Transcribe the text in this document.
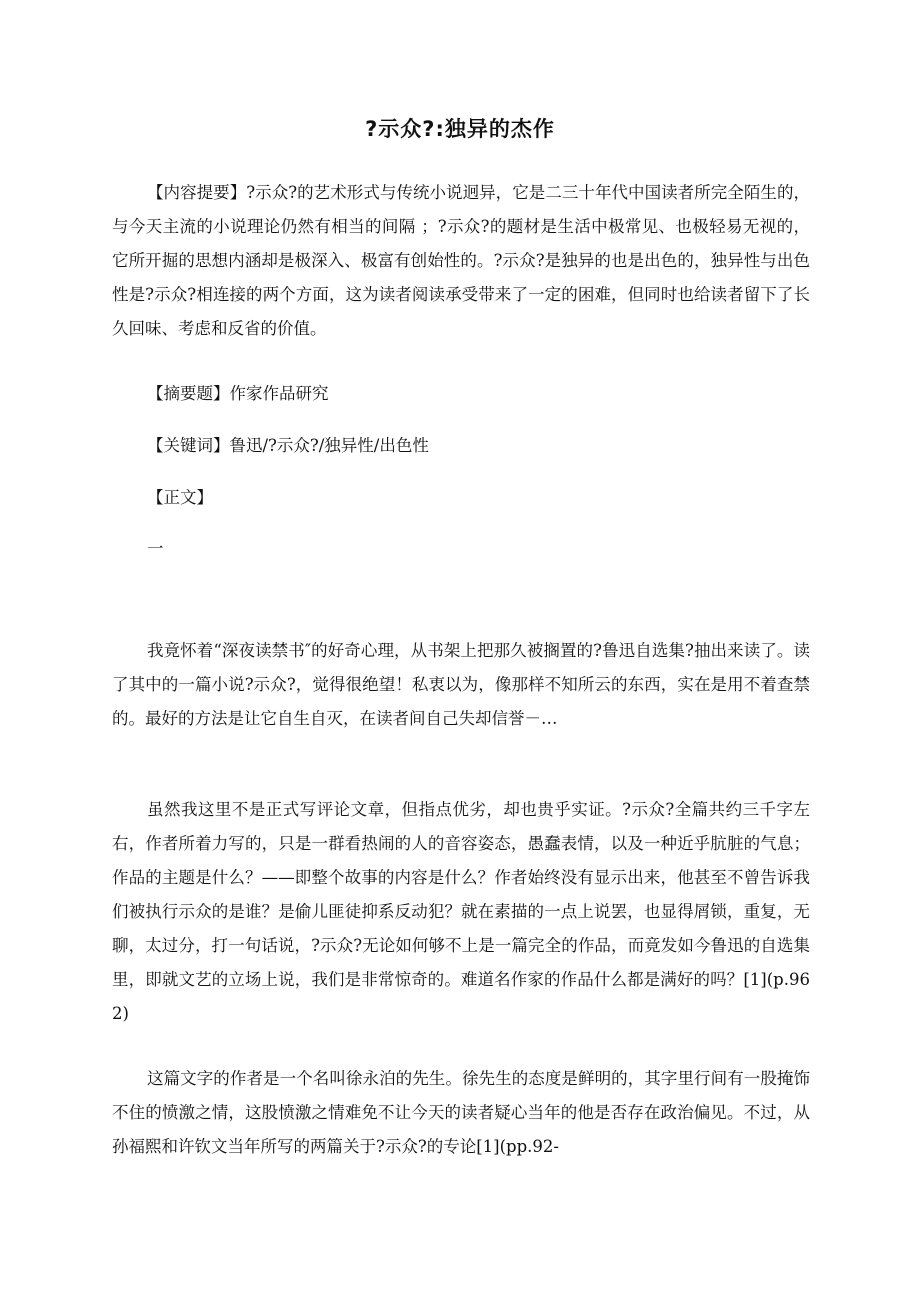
?示众?:独异的杰作

【内容提要】?示众?的艺术形式与传统小说迥异，它是二三十年代中国读者所完全陌生的，与今天主流的小说理论仍然有相当的间隔 ；?示众?的题材是生活中极常见、也极轻易无视的，它所开掘的思想内涵却是极深入、极富有创始性的。?示众?是独异的也是出色的，独异性与出色性是?示众?相连接的两个方面，这为读者阅读承受带来了一定的困难，但同时也给读者留下了长久回味、考虑和反省的价值。

【摘要题】作家作品研究

【关键词】鲁迅/?示众?/独异性/出色性

【正文】

一

我竟怀着“深夜读禁书″的好奇心理，从书架上把那久被搁置的?鲁迅自选集?抽出来读了。读了其中的一篇小说?示众?，觉得很绝望！私衷以为，像那样不知所云的东西，实在是用不着查禁的。最好的方法是让它自生自灭，在读者间自己失却信誉－…

虽然我这里不是正式写评论文章，但指点优劣，却也贵乎实证。?示众?全篇共约三千字左右，作者所着力写的，只是一群看热闹的人的音容姿态，愚蠢表情，以及一种近乎肮脏的气息；作品的主题是什么？——即整个故事的内容是什么？作者始终没有显示出来，他甚至不曾告诉我们被执行示众的是谁？是偷儿匪徒抑系反动犯？就在素描的一点上说罢，也显得屑锁，重复，无聊，太过分，打一句话说，?示众?无论如何够不上是一篇完全的作品，而竟发如今鲁迅的自选集里，即就文艺的立场上说，我们是非常惊奇的。难道名作家的作品什么都是满好的吗？[1](p.962)

这篇文字的作者是一个名叫徐永泊的先生。徐先生的态度是鲜明的，其字里行间有一股掩饰不住的愤激之情，这股愤激之情难免不让今天的读者疑心当年的他是否存在政治偏见。不过，从孙福熙和许钦文当年所写的两篇关于?示众?的专论[1](pp.92-
